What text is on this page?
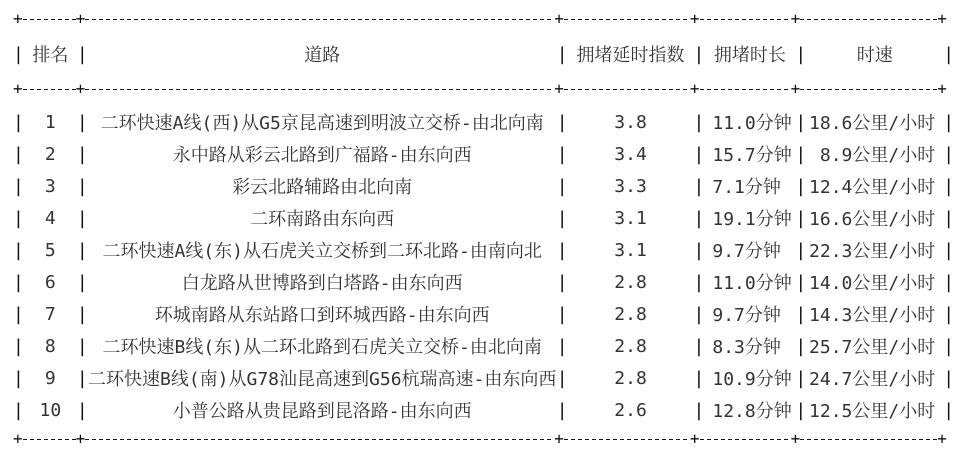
+	+	+	+	+	+
| 排名 |	道路	| 拥堵延时指数 | 拥堵时长 |	时速	|
+	+	+	+	+	+
|	1	| 二环快速A线(西)从G5京昆高速到明波立交桥-由北向南 |	3.8	| 11.0分钟 | 18.6公里/小时 |
|	2	|	永中路从彩云北路到广福路-由东向西	|	3.4	| 15.7分钟 | 8.9公里/小时 |
|	3	|	彩云北路辅路由北向南	|	3.3	| 7.1分钟 | 12.4公里/小时 |
|	4	|	二环南路由东向西	|	3.1	| 19.1分钟 | 16.6公里/小时 |
|	5	| 二环快速A线(东)从石虎关立交桥到二环北路-由南向北 |	3.1	| 9.7分钟 | 22.3公里/小时 |
|	6	|	白龙路从世博路到白塔路-由东向西	|	2.8	| 11.0分钟 | 14.0公里/小时 |
|	7	|	环城南路从东站路口到环城西路-由东向西	|	2.8	| 9.7分钟 | 14.3公里/小时 |
|	8	| 二环快速B线(东)从二环北路到石虎关立交桥-由北向南 |	2.8	| 8.3分钟 | 25.7公里/小时 |
|	9	| 二环快速B线(南)从G78汕昆高速到G56杭瑞高速-由东向西 |	2.8	| 10.9分钟 | 24.7公里/小时 |
| 10 |	小普公路从贵昆路到昆洛路-由东向西	|	2.6	| 12.8分钟 | 12.5公里/小时 |
+	+	+	+	+	+
